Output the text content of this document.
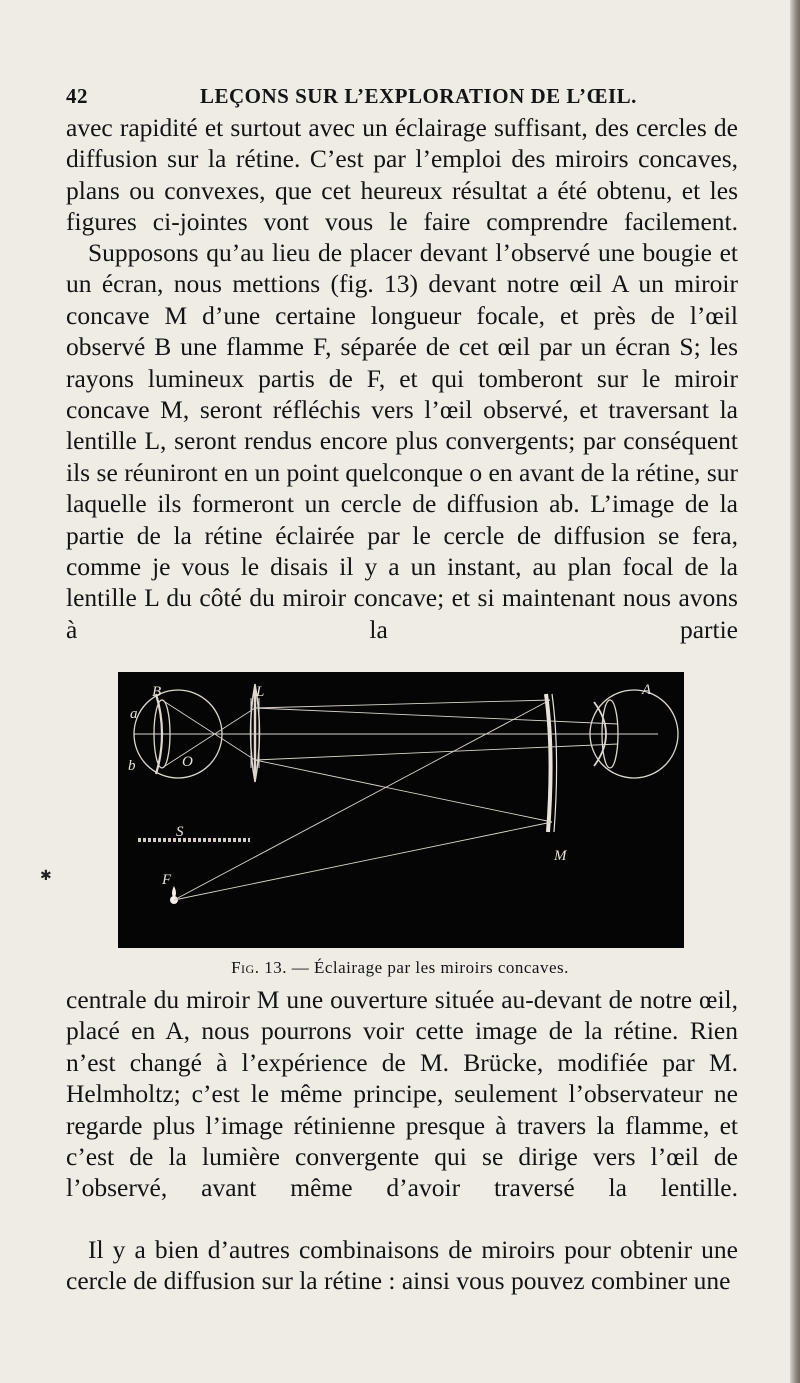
42	LEÇONS SUR L’EXPLORATION DE L’ŒIL.

avec rapidité et surtout avec un éclairage suffisant, des cercles de diffusion sur la rétine. C’est par l’emploi des miroirs concaves, plans ou convexes, que cet heureux résultat a été obtenu, et les figures ci-jointes vont vous le faire comprendre facilement.

Supposons qu’au lieu de placer devant l’observé une bougie et un écran, nous mettions (fig. 13) devant notre œil A un miroir concave M d’une certaine longueur focale, et près de l’œil observé B une flamme F, séparée de cet œil par un écran S; les rayons lumineux partis de F, et qui tomberont sur le miroir concave M, seront réfléchis vers l’œil observé, et traversant la lentille L, seront rendus encore plus convergents; par conséquent ils se réuniront en un point quelconque o en avant de la rétine, sur laquelle ils formeront un cercle de diffusion ab. L’image de la partie de la rétine éclairée par le cercle de diffusion se fera, comme je vous le disais il y a un instant, au plan focal de la lentille L du côté du miroir concave; et si maintenant nous avons à la partie

✱
B	L	A
a
O
b
S
F
M
Fig. 13. — Éclairage par les miroirs concaves.

centrale du miroir M une ouverture située au-devant de notre œil, placé en A, nous pourrons voir cette image de la rétine. Rien n’est changé à l’expérience de M. Brücke, modifiée par M. Helmholtz; c’est le même principe, seulement l’observateur ne regarde plus l’image rétinienne presque à travers la flamme, et c’est de la lumière convergente qui se dirige vers l’œil de l’observé, avant même d’avoir traversé la lentille.

Il y a bien d’autres combinaisons de miroirs pour obtenir une cercle de diffusion sur la rétine : ainsi vous pouvez combiner une
